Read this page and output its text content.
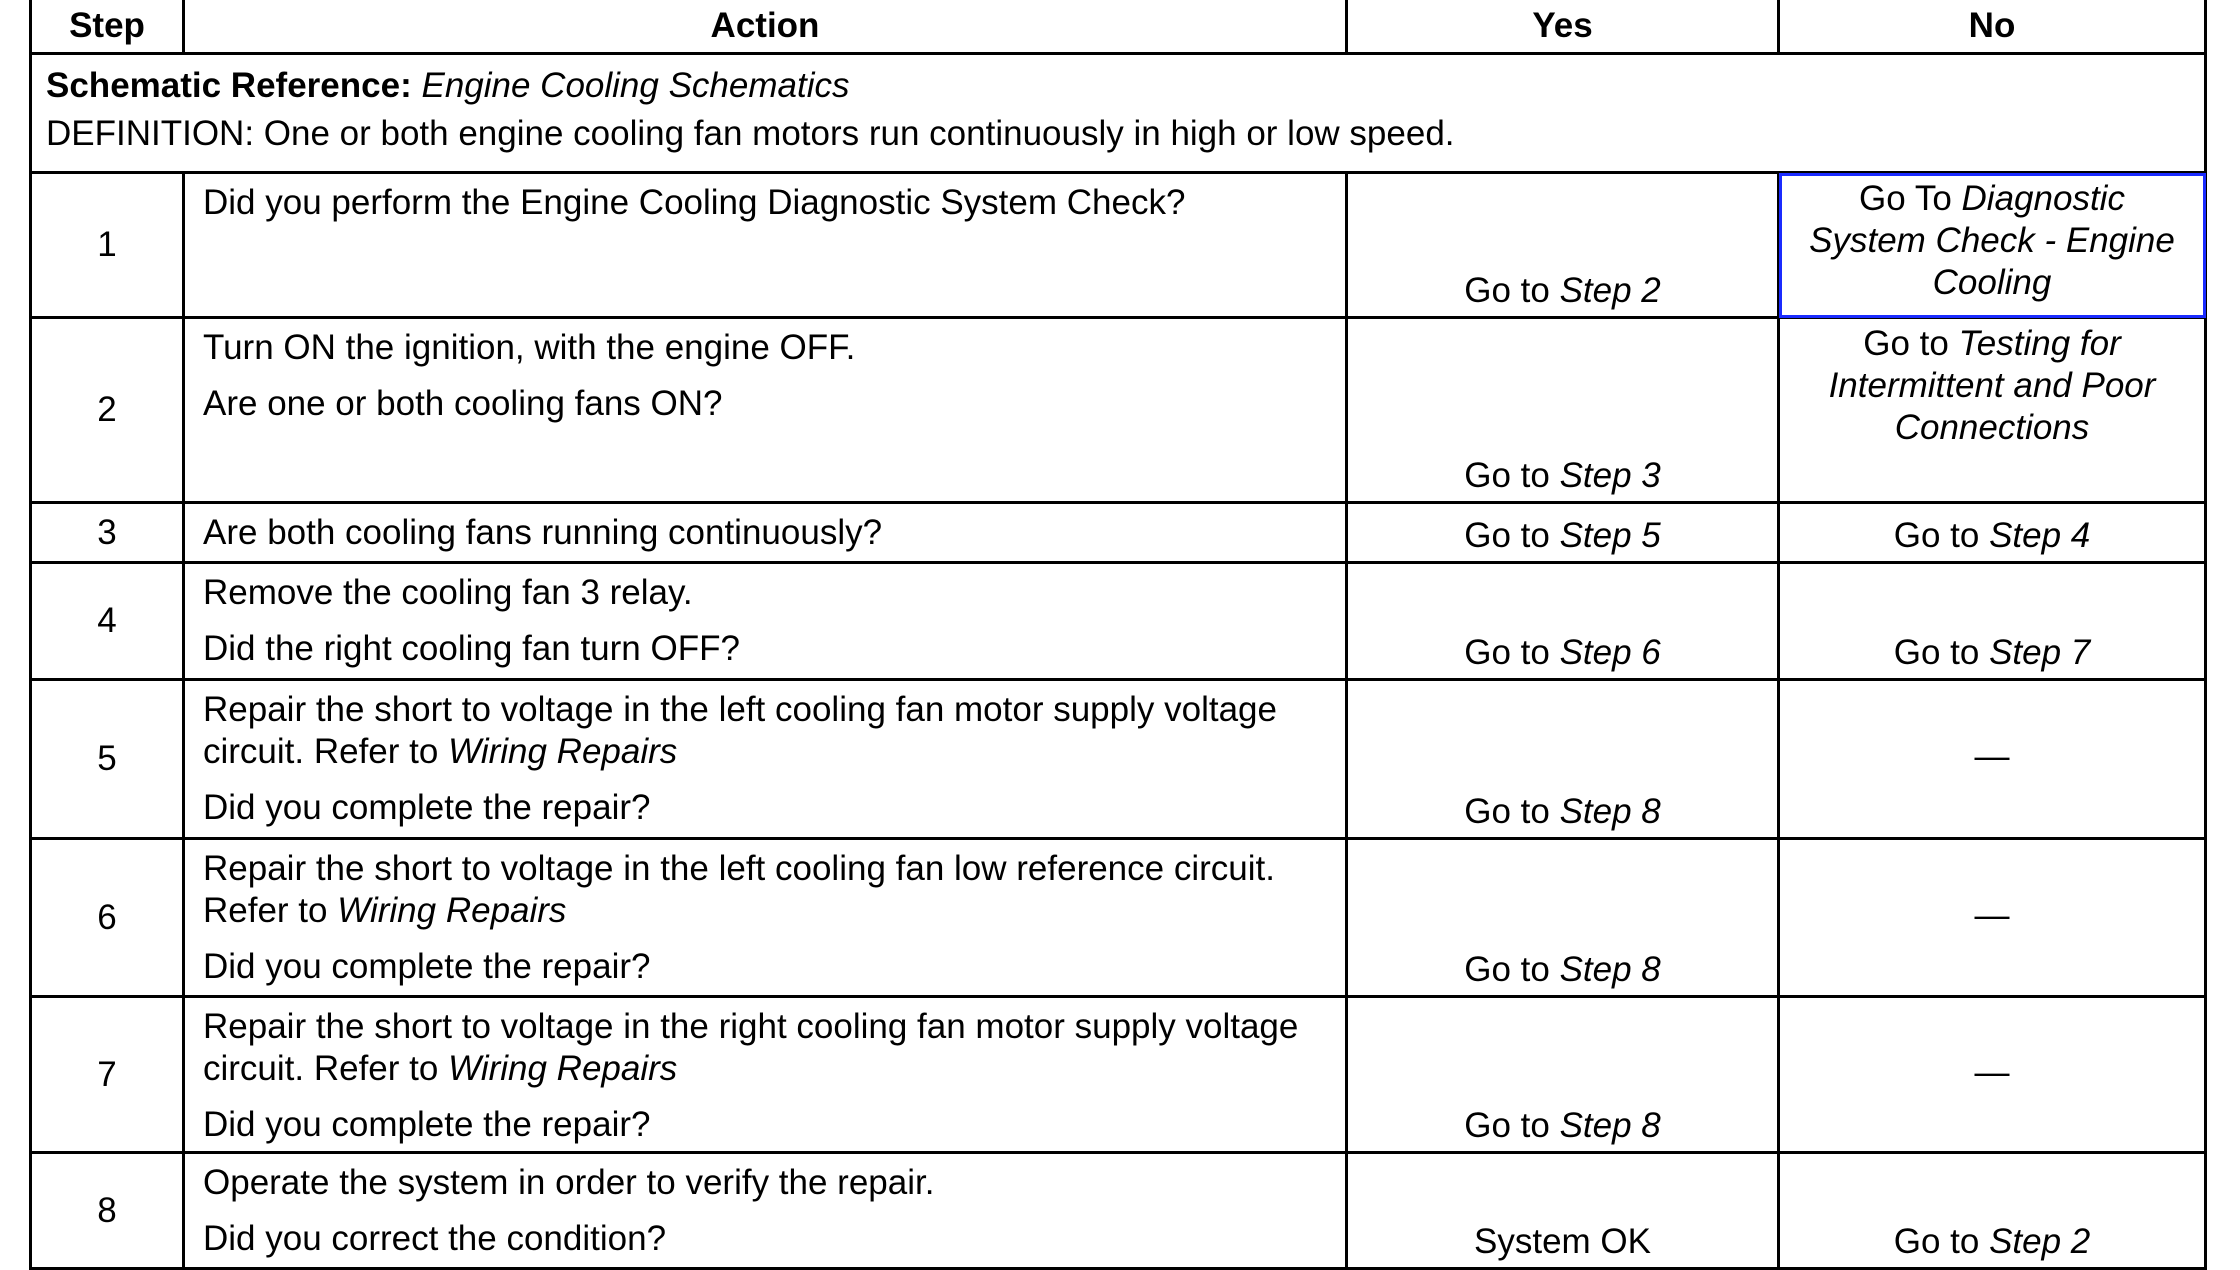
Step	Action	Yes	No

Schematic Reference: Engine Cooling Schematics

DEFINITION: One or both engine cooling fan motors run continuously in high or low speed.			

1	Did you perform the Engine Cooling Diagnostic System Check?	Go to Step 2	Go To Diagnostic System Check - Engine Cooling
2	Turn ON the ignition, with the engine OFF.

Are one or both cooling fans ON?	Go to Step 3	Go to Testing for Intermittent and Poor Connections
3	Are both cooling fans running continuously?	Go to Step 5	Go to Step 4
4	Remove the cooling fan 3 relay.

Did the right cooling fan turn OFF?	Go to Step 6	Go to Step 7
5	Repair the short to voltage in the left cooling fan motor supply voltage circuit. Refer to Wiring Repairs

Did you complete the repair?	Go to Step 8	—
6	Repair the short to voltage in the left cooling fan low reference circuit. Refer to Wiring Repairs

Did you complete the repair?	Go to Step 8	—
7	Repair the short to voltage in the right cooling fan motor supply voltage circuit. Refer to Wiring Repairs

Did you complete the repair?	Go to Step 8	—
8	Operate the system in order to verify the repair.

Did you correct the condition?	System OK	Go to Step 2
